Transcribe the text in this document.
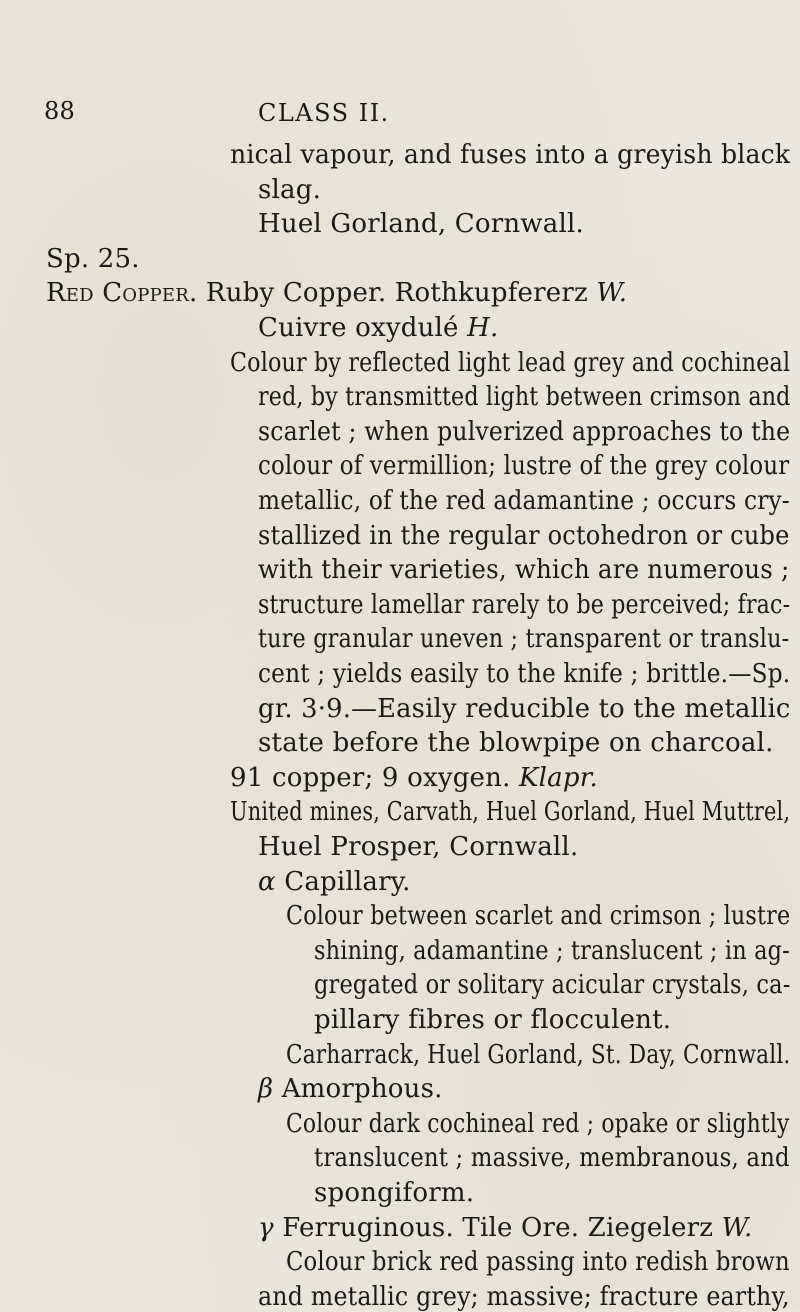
88	CLASS II.
nical vapour, and fuses into a greyish black
slag.
Huel Gorland, Cornwall.
Sp. 25.
Red Copper. Ruby Copper. Rothkupfererz W.
Cuivre oxydulé H.
Colour by reflected light lead grey and cochineal
red, by transmitted light between crimson and
scarlet ; when pulverized approaches to the
colour of vermillion; lustre of the grey colour
metallic, of the red adamantine ; occurs cry-
stallized in the regular octohedron or cube
with their varieties, which are numerous ;
structure lamellar rarely to be perceived; frac-
ture granular uneven ; transparent or translu-
cent ; yields easily to the knife ; brittle.—Sp.
gr. 3·9.—Easily reducible to the metallic
state before the blowpipe on charcoal.
91 copper; 9 oxygen. Klapr.
United mines, Carvath, Huel Gorland, Huel Muttrel,
Huel Prosper, Cornwall.
α Capillary.
Colour between scarlet and crimson ; lustre
shining, adamantine ; translucent ; in ag-
gregated or solitary acicular crystals, ca-
pillary fibres or flocculent.
Carharrack, Huel Gorland, St. Day, Cornwall.
β Amorphous.
Colour dark cochineal red ; opake or slightly
translucent ; massive, membranous, and
spongiform.
γ Ferruginous. Tile Ore. Ziegelerz W.
Colour brick red passing into redish brown
and metallic grey; massive; fracture earthy,
